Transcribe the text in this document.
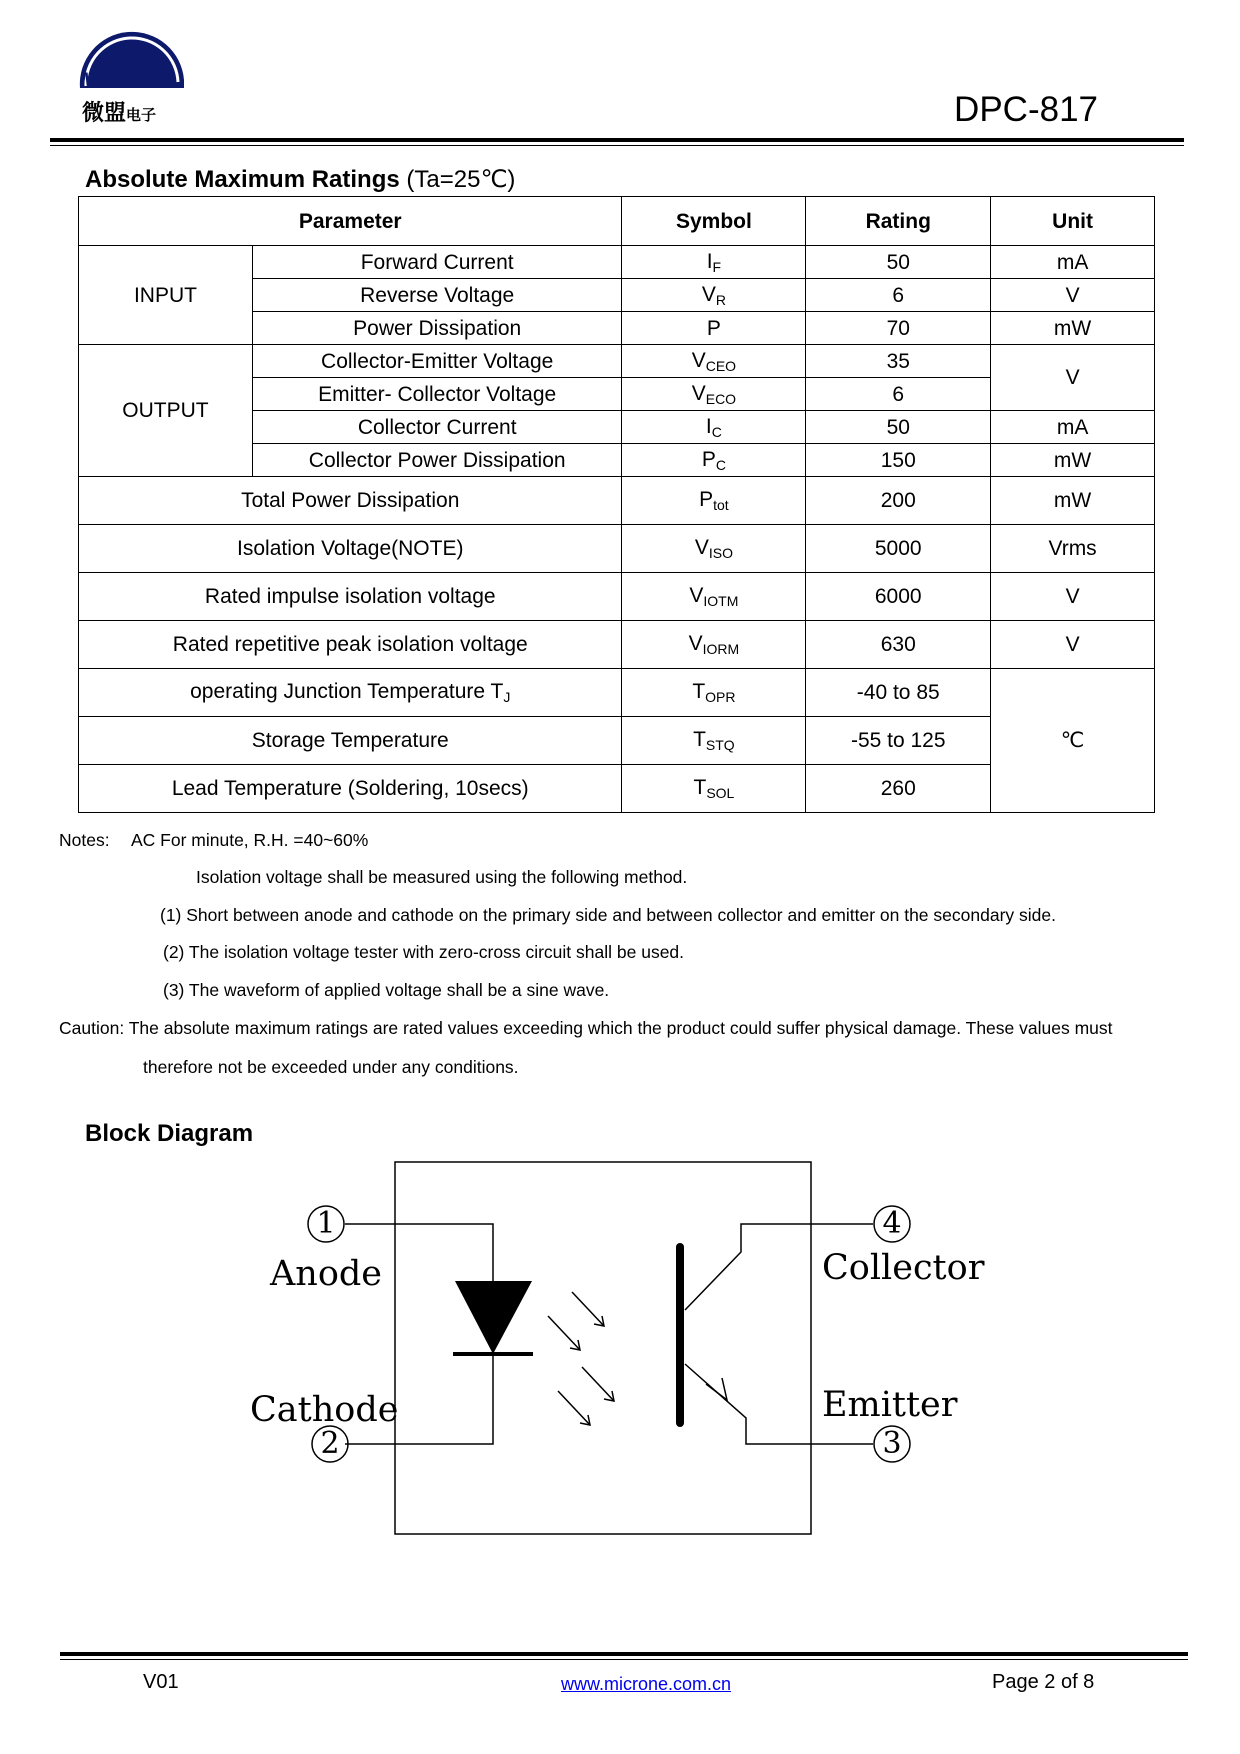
MicrOne
微盟电子	DPC-817
Absolute Maximum Ratings (Ta=25℃)
Parameter		Symbol	Rating	Unit
INPUT	Forward Current	$I_F$	50	mA
	Reverse Voltage	$V_R$	6	V
	Power Dissipation	P	70	mW
OUTPUT	Collector-Emitter Voltage	$V_{CEO}$	35	V
	Emitter- Collector Voltage	$V_{ECO}$	6	
	Collector Current	$I_C$	50	mA
	Collector Power Dissipation	$P_C$	150	mW
Total Power Dissipation		$P_{tot}$	200	mW
Isolation Voltage(NOTE)		$V_{ISO}$	5000	Vrms
Rated impulse isolation voltage		$V_{IOTM}$	6000	V
Rated repetitive peak isolation voltage		$V_{IORM}$	630	V
operating Junction Temperature $T_J$		$T_{OPR}$	-40 to 85	℃
Storage Temperature		$T_{STQ}$	-55 to 125	
Lead Temperature (Soldering, 10secs)		$T_{SOL}$	260	
Notes: AC For minute, R.H. =40~60%
Isolation voltage shall be measured using the following method.
(1) Short between anode and cathode on the primary side and between collector and emitter on the secondary side.
(2) The isolation voltage tester with zero-cross circuit shall be used.
(3) The waveform of applied voltage shall be a sine wave.
Caution: The absolute maximum ratings are rated values exceeding which the product could suffer physical damage. These values must
therefore not be exceeded under any conditions.
Block Diagram
1
2
4
3
Anode
Cathode
Collector
Emitter
V01	www.microne.com.cn	Page 2 of 8
